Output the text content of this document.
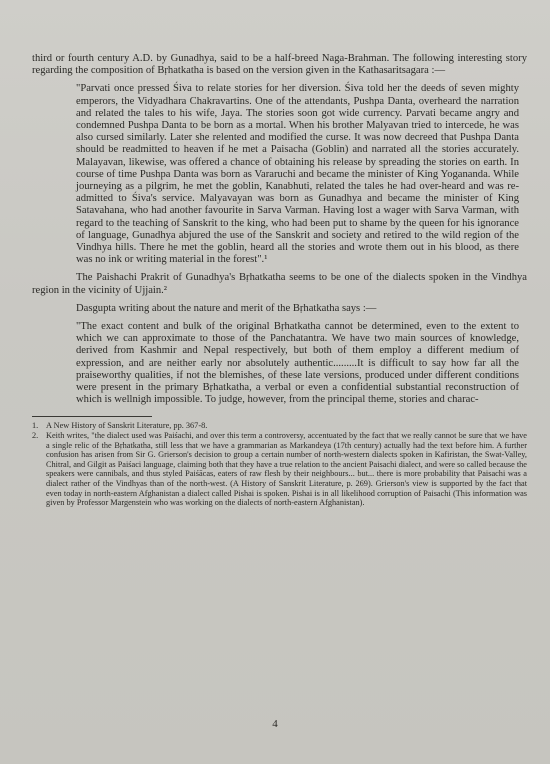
third or fourth century A.D. by Gunadhya, said to be a half-breed Naga-Brahman. The following interesting story regarding the composition of Bṛhatkatha is based on the version given in the Kathasaritsagara :—

"Parvati once pressed Śiva to relate stories for her diversion. Śiva told her the deeds of seven mighty emperors, the Vidyadhara Chakravartins. One of the attendants, Pushpa Danta, overheard the narration and related the tales to his wife, Jaya. The stories soon got wide currency. Parvati became angry and condemned Pushpa Danta to be born as a mortal. When his brother Malyavan tried to intercede, he was also cursed similarly. Later she relented and modified the curse. It was now decreed that Pushpa Danta should be readmitted to heaven if he met a Paisacha (Goblin) and narrated all the stories accurately. Malayavan, likewise, was offered a chance of obtaining his release by spreading the stories on earth. In course of time Pushpa Danta was born as Vararuchi and became the minister of King Yogananda. While journeying as a pilgrim, he met the goblin, Kanabhuti, related the tales he had over-heard and was re-admitted to Śiva's service. Malyavayan was born as Gunadhya and became the minister of King Satavahana, who had another favourite in Sarva Varman. Having lost a wager with Sarva Varman, with regard to the teaching of Sanskrit to the king, who had been put to shame by the queen for his ignorance of language, Gunadhya abjured the use of the Sanskrit and society and retired to the wild region of the Vindhya hills. There he met the goblin, heard all the stories and wrote them out in his blood, as there was no ink or writing material in the forest".¹

The Paishachi Prakrit of Gunadhya's Bṛhatkatha seems to be one of the dialects spoken in the Vindhya region in the vicinity of Ujjain.²

Dasgupta writing about the nature and merit of the Bṛhatkatha says :—

"The exact content and bulk of the original Bṛhatkatha cannot be determined, even to the extent to which we can approximate to those of the Panchatantra. We have two main sources of knowledge, derived from Kashmir and Nepal respectively, but both of them employ a different medium of expression, and are neither early nor absolutely authentic.........It is difficult to say how far all the praiseworthy qualities, if not the blemishes, of these late versions, produced under different conditions were present in the primary Bṛhatkatha, a verbal or even a confidential substantial reconstruction of which is wellnigh impossible. To judge, however, from the principal theme, stories and charac-

1. A New History of Sanskrit Literature, pp. 367-8.

2. Keith writes, "the dialect used was Paiśachi, and over this term a controversy, accentuated by the fact that we really cannot be sure that we have a single relic of the Bṛhatkatha, still less that we have a grammarian as Markandeya (17th century) actually had the text before him. A further confusion has arisen from Sir G. Grierson's decision to group a certain number of north-western dialects spoken in Kafiristan, the Swat-Valley, Chitral, and Gilgit as Paiśaci language, claiming both that they have a true relation to the ancient Paisachi dialect, and were so called because the speakers were cannibals, and thus styled Paiśācas, eaters of raw flesh by their neighbours... but... there is more probability that Paisachi was a dialect rather of the Vindhyas than of the north-west. (A History of Sanskrit Literature, p. 269). Grierson's view is supported by the fact that even today in north-eastern Afghanistan a dialect called Pishai is spoken. Pishai is in all likelihood corruption of Paisachi (This information was given by Professor Margenstein who was working on the dialects of north-eastern Afghanistan).

4
